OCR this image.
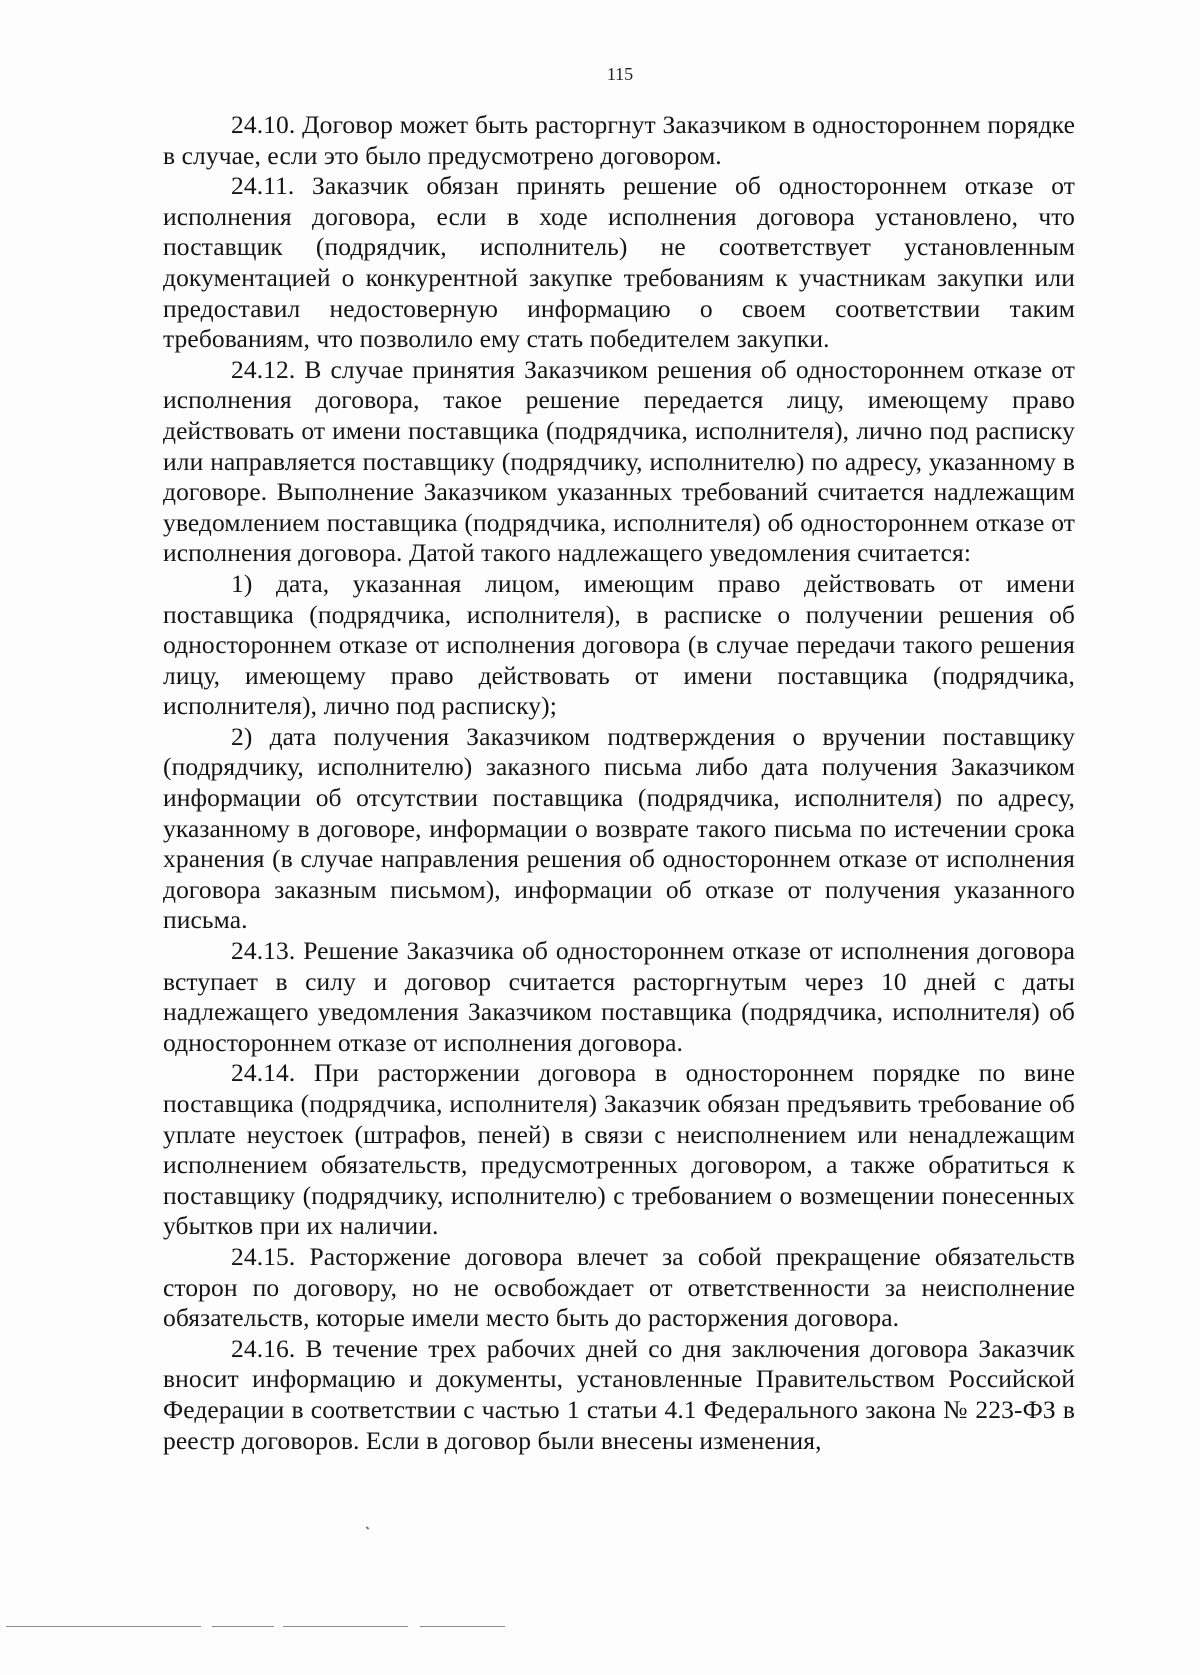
115

24.10. Договор может быть расторгнут Заказчиком в одностороннем порядке в случае, если это было предусмотрено договором.

24.11. Заказчик обязан принять решение об одностороннем отказе от исполнения договора, если в ходе исполнения договора установлено, что поставщик (подрядчик, исполнитель) не соответствует установленным документацией о конкурентной закупке требованиям к участникам закупки или предоставил недостоверную информацию о своем соответствии таким требованиям, что позволило ему стать победителем закупки.

24.12. В случае принятия Заказчиком решения об одностороннем отказе от исполнения договора, такое решение передается лицу, имеющему право действовать от имени поставщика (подрядчика, исполнителя), лично под расписку или направляется поставщику (подрядчику, исполнителю) по адресу, указанному в договоре. Выполнение Заказчиком указанных требований считается надлежащим уведомлением поставщика (подрядчика, исполнителя) об одностороннем отказе от исполнения договора. Датой такого надлежащего уведомления считается:

1) дата, указанная лицом, имеющим право действовать от имени поставщика (подрядчика, исполнителя), в расписке о получении решения об одностороннем отказе от исполнения договора (в случае передачи такого решения лицу, имеющему право действовать от имени поставщика (подрядчика, исполнителя), лично под расписку);

2) дата получения Заказчиком подтверждения о вручении поставщику (подрядчику, исполнителю) заказного письма либо дата получения Заказчиком информации об отсутствии поставщика (подрядчика, исполнителя) по адресу, указанному в договоре, информации о возврате такого письма по истечении срока хранения (в случае направления решения об одностороннем отказе от исполнения договора заказным письмом), информации об отказе от получения указанного письма.

24.13. Решение Заказчика об одностороннем отказе от исполнения договора вступает в силу и договор считается расторгнутым через 10 дней с даты надлежащего уведомления Заказчиком поставщика (подрядчика, исполнителя) об одностороннем отказе от исполнения договора.

24.14. При расторжении договора в одностороннем порядке по вине поставщика (подрядчика, исполнителя) Заказчик обязан предъявить требование об уплате неустоек (штрафов, пеней) в связи с неисполнением или ненадлежащим исполнением обязательств, предусмотренных договором, а также обратиться к поставщику (подрядчику, исполнителю) с требованием о возмещении понесенных убытков при их наличии.

24.15. Расторжение договора влечет за собой прекращение обязательств сторон по договору, но не освобождает от ответственности за неисполнение обязательств, которые имели место быть до расторжения договора.

24.16. В течение трех рабочих дней со дня заключения договора Заказчик вносит информацию и документы, установленные Правительством Российской Федерации в соответствии с частью 1 статьи 4.1 Федерального закона № 223-ФЗ в реестр договоров. Если в договор были внесены изменения,
